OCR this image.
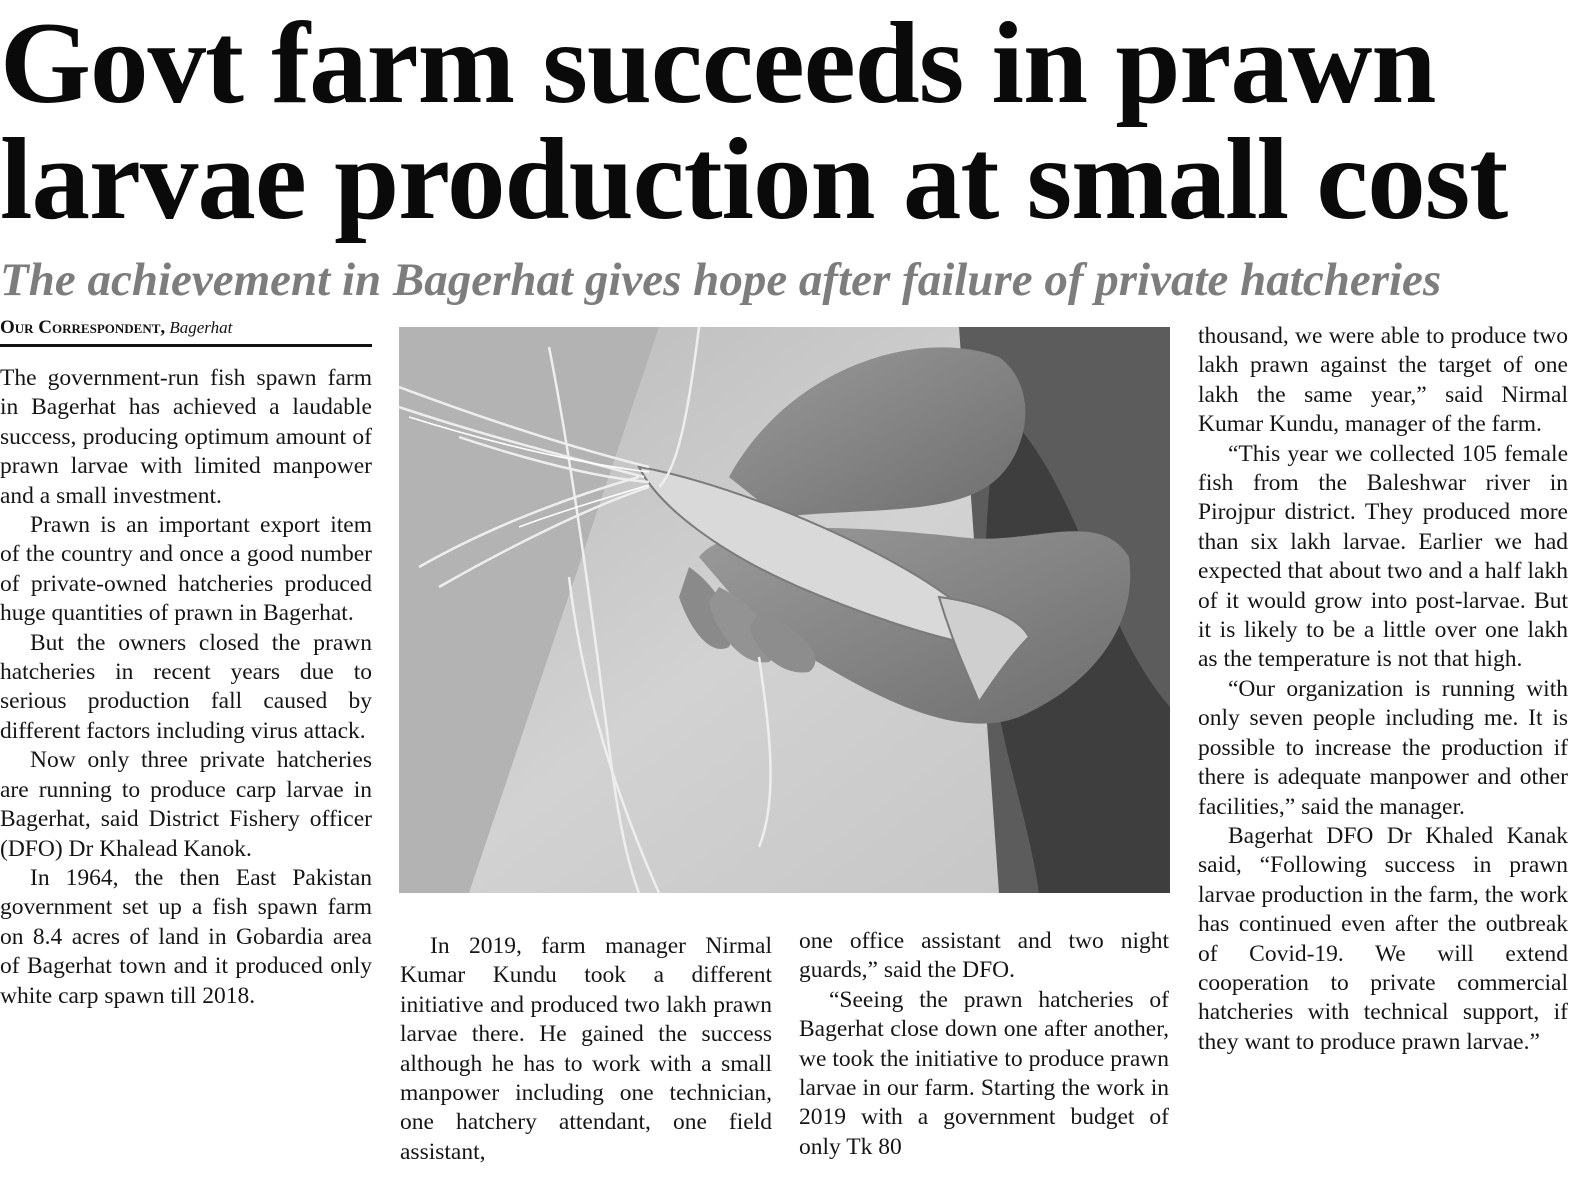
Govt farm succeeds in prawn
larvae production at small cost
The achievement in Bagerhat gives hope after failure of private hatcheries
Our Correspondent, Bagerhat

The government-run fish spawn farm in Bagerhat has achieved a laudable success, producing optimum amount of prawn larvae with limited manpower and a small investment.

Prawn is an important export item of the country and once a good number of private-owned hatcheries produced huge quantities of prawn in Bagerhat.

But the owners closed the prawn hatcheries in recent years due to serious production fall caused by different factors including virus attack.

Now only three private hatcheries are running to produce carp larvae in Bagerhat, said District Fishery officer (DFO) Dr Khalead Kanok.

In 1964, the then East Pakistan government set up a fish spawn farm on 8.4 acres of land in Gobardia area of Bagerhat town and it produced only white carp spawn till 2018.

In 2019, farm manager Nirmal Kumar Kundu took a different initiative and produced two lakh prawn larvae there. He gained the success although he has to work with a small manpower including one technician, one hatchery attendant, one field assistant,

one office assistant and two night guards,” said the DFO.

“Seeing the prawn hatcheries of Bagerhat close down one after another, we took the initiative to produce prawn larvae in our farm. Starting the work in 2019 with a government budget of only Tk 80

thousand, we were able to produce two lakh prawn against the target of one lakh the same year,” said Nirmal Kumar Kundu, manager of the farm.

“This year we collected 105 female fish from the Baleshwar river in Pirojpur district. They produced more than six lakh larvae. Earlier we had expected that about two and a half lakh of it would grow into post-larvae. But it is likely to be a little over one lakh as the temperature is not that high.

“Our organization is running with only seven people including me. It is possible to increase the production if there is adequate manpower and other facilities,” said the manager.

Bagerhat DFO Dr Khaled Kanak said, “Following success in prawn larvae production in the farm, the work has continued even after the outbreak of Covid-19. We will extend cooperation to private commercial hatcheries with technical support, if they want to produce prawn larvae.”
